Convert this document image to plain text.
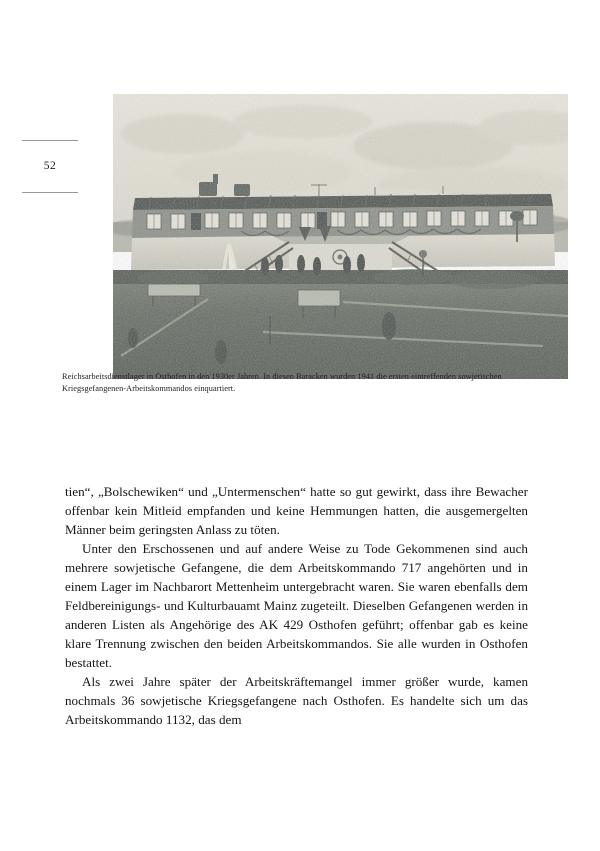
52
Reichsarbeitsdienstlager in Osthofen in den 1930er Jahren. In diesen Baracken wurden 1941 die ersten eintreffenden sowjetischen Kriegsgefangenen-Arbeitskommandos einquartiert.

tien“, „Bolschewiken“ und „Untermenschen“ hatte so gut gewirkt, dass ihre Bewacher offenbar kein Mitleid empfanden und keine Hemmungen hatten, die ausgemergelten Männer beim geringsten Anlass zu töten.

Unter den Erschossenen und auf andere Weise zu Tode Gekommenen sind auch mehrere sowjetische Gefangene, die dem Arbeitskommando 717 angehörten und in einem Lager im Nachbarort Mettenheim untergebracht waren. Sie waren ebenfalls dem Feldbereinigungs- und Kulturbauamt Mainz zugeteilt. Dieselben Gefangenen werden in anderen Listen als Angehörige des AK 429 Osthofen geführt; offenbar gab es keine klare Trennung zwischen den beiden Arbeitskommandos. Sie alle wurden in Osthofen bestattet.

Als zwei Jahre später der Arbeitskräftemangel immer größer wurde, kamen nochmals 36 sowjetische Kriegsgefangene nach Osthofen. Es handelte sich um das Arbeitskommando 1132, das dem
